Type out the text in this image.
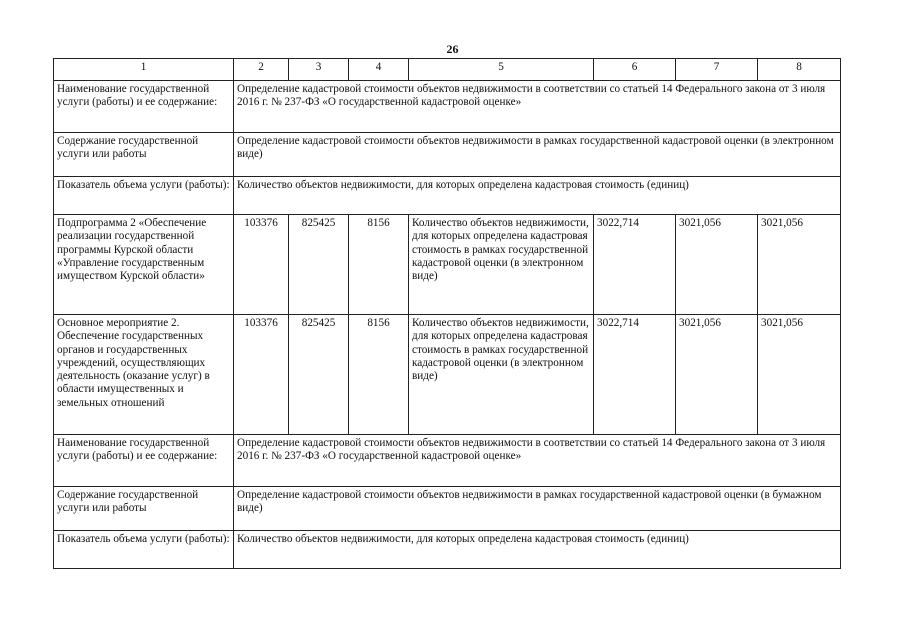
26
1	2	3	4	5	6	7	8
Наименование государственной услуги (работы) и ее содержание:	Определение кадастровой стоимости объектов недвижимости в соответствии со статьей 14 Федерального закона от 3 июля 2016 г. № 237-ФЗ «О государственной кадастровой оценке»						
Содержание государственной услуги или работы	Определение кадастровой стоимости объектов недвижимости в рамках государственной кадастровой оценки (в электронном виде)						
Показатель объема услуги (работы):	Количество объектов недвижимости, для которых определена кадастровая стоимость (единиц)						
Подпрограмма 2 «Обеспечение реализации государственной программы Курской области «Управление государственным имуществом Курской области»	103376	825425	8156	Количество объектов недвижимости, для которых определена кадастровая стоимость в рамках государственной кадастровой оценки (в электронном виде)	3022,714	3021,056	3021,056
Основное мероприятие 2. Обеспечение государственных органов и государственных учреждений, осуществляющих деятельность (оказание услуг) в области имущественных и земельных отношений	103376	825425	8156	Количество объектов недвижимости, для которых определена кадастровая стоимость в рамках государственной кадастровой оценки (в электронном виде)	3022,714	3021,056	3021,056
Наименование государственной услуги (работы) и ее содержание:	Определение кадастровой стоимости объектов недвижимости в соответствии со статьей 14 Федерального закона от 3 июля 2016 г. № 237-ФЗ «О государственной кадастровой оценке»						
Содержание государственной услуги или работы	Определение кадастровой стоимости объектов недвижимости в рамках государственной кадастровой оценки (в бумажном виде)						
Показатель объема услуги (работы):	Количество объектов недвижимости, для которых определена кадастровая стоимость (единиц)						
